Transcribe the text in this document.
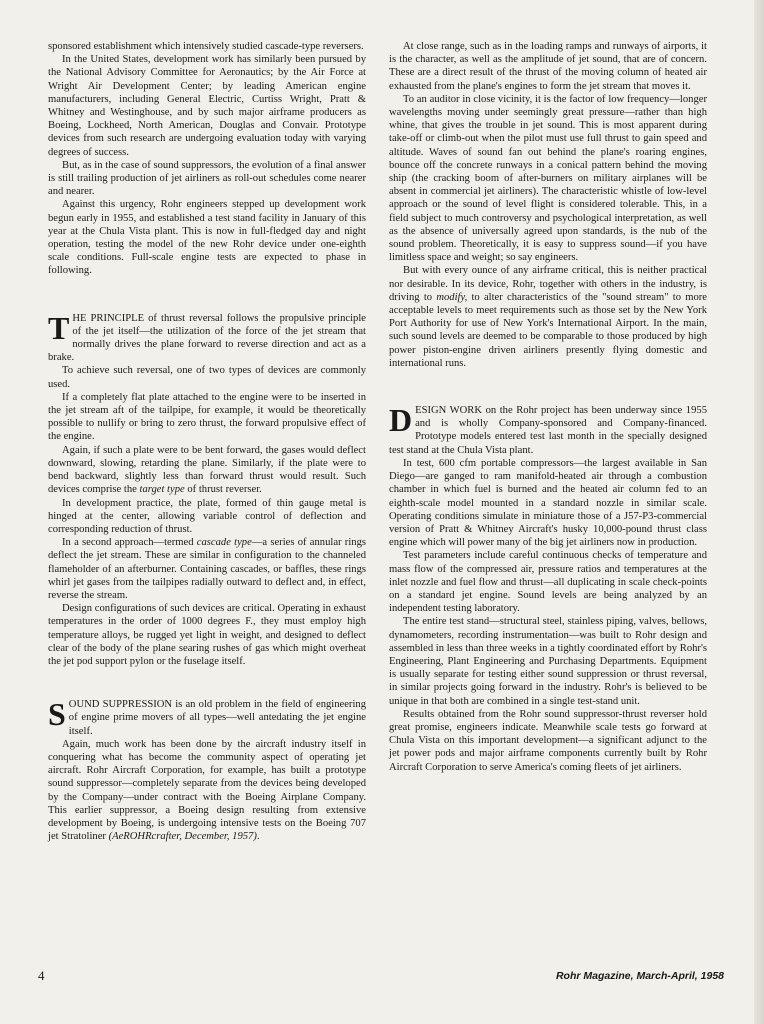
sponsored establishment which intensively studied cascade-type reversers.

In the United States, development work has similarly been pursued by the National Advisory Committee for Aeronautics; by the Air Force at Wright Air Development Center; by leading American engine manufacturers, including General Electric, Curtiss Wright, Pratt & Whitney and Westinghouse, and by such major airframe producers as Boeing, Lockheed, North American, Douglas and Convair. Prototype devices from such research are undergoing evaluation today with varying degrees of success.

But, as in the case of sound suppressors, the evolution of a final answer is still trailing production of jet airliners as roll-out schedules come nearer and nearer.

Against this urgency, Rohr engineers stepped up development work begun early in 1955, and established a test stand facility in January of this year at the Chula Vista plant. This is now in full-fledged day and night operation, testing the model of the new Rohr device under one-eighth scale conditions. Full-scale engine tests are expected to phase in following.

THE PRINCIPLE of thrust reversal follows the propulsive principle of the jet itself—the utilization of the force of the jet stream that normally drives the plane forward to reverse direction and act as a brake.

To achieve such reversal, one of two types of devices are commonly used.

If a completely flat plate attached to the engine were to be inserted in the jet stream aft of the tailpipe, for example, it would be theoretically possible to nullify or bring to zero thrust, the forward propulsive effect of the engine.

Again, if such a plate were to be bent forward, the gases would deflect downward, slowing, retarding the plane. Similarly, if the plate were to bend backward, slightly less than forward thrust would result. Such devices comprise the target type of thrust reverser.

In development practice, the plate, formed of thin gauge metal is hinged at the center, allowing variable control of deflection and corresponding reduction of thrust.

In a second approach—termed cascade type—a series of annular rings deflect the jet stream. These are similar in configuration to the channeled flameholder of an afterburner. Containing cascades, or baffles, these rings whirl jet gases from the tailpipes radially outward to deflect and, in effect, reverse the stream.

Design configurations of such devices are critical. Operating in exhaust temperatures in the order of 1000 degrees F., they must employ high temperature alloys, be rugged yet light in weight, and designed to deflect clear of the body of the plane searing rushes of gas which might overheat the jet pod support pylon or the fuselage itself.

SOUND SUPPRESSION is an old problem in the field of engineering of engine prime movers of all types—well antedating the jet engine itself.

Again, much work has been done by the aircraft industry itself in conquering what has become the community aspect of operating jet aircraft. Rohr Aircraft Corporation, for example, has built a prototype sound suppressor—completely separate from the devices being developed by the Company—under contract with the Boeing Airplane Company. This earlier suppressor, a Boeing design resulting from extensive development by Boeing, is undergoing intensive tests on the Boeing 707 jet Stratoliner (AeROHRcrafter, December, 1957).

At close range, such as in the loading ramps and runways of airports, it is the character, as well as the amplitude of jet sound, that are of concern. These are a direct result of the thrust of the moving column of heated air exhausted from the plane's engines to form the jet stream that moves it.

To an auditor in close vicinity, it is the factor of low frequency—longer wavelengths moving under seemingly great pressure—rather than high whine, that gives the trouble in jet sound. This is most apparent during take-off or climb-out when the pilot must use full thrust to gain speed and altitude. Waves of sound fan out behind the plane's roaring engines, bounce off the concrete runways in a conical pattern behind the moving ship (the cracking boom of after-burners on military airplanes will be absent in commercial jet airliners). The characteristic whistle of low-level approach or the sound of level flight is considered tolerable. This, in a field subject to much controversy and psychological interpretation, as well as the absence of universally agreed upon standards, is the nub of the sound problem. Theoretically, it is easy to suppress sound—if you have limitless space and weight; so say engineers.

But with every ounce of any airframe critical, this is neither practical nor desirable. In its device, Rohr, together with others in the industry, is driving to modify, to alter characteristics of the "sound stream" to more acceptable levels to meet requirements such as those set by the New York Port Authority for use of New York's International Airport. In the main, such sound levels are deemed to be comparable to those produced by high power piston-engine driven airliners presently flying domestic and international runs.

DESIGN WORK on the Rohr project has been underway since 1955 and is wholly Company-sponsored and Company-financed. Prototype models entered test last month in the specially designed test stand at the Chula Vista plant.

In test, 600 cfm portable compressors—the largest available in San Diego—are ganged to ram manifold-heated air through a combustion chamber in which fuel is burned and the heated air column fed to an eighth-scale model mounted in a standard nozzle in similar scale. Operating conditions simulate in miniature those of a J57-P3-commercial version of Pratt & Whitney Aircraft's husky 10,000-pound thrust class engine which will power many of the big jet airliners now in production.

Test parameters include careful continuous checks of temperature and mass flow of the compressed air, pressure ratios and temperatures at the inlet nozzle and fuel flow and thrust—all duplicating in scale check-points on a standard jet engine. Sound levels are being analyzed by an independent testing laboratory.

The entire test stand—structural steel, stainless piping, valves, bellows, dynamometers, recording instrumentation—was built to Rohr design and assembled in less than three weeks in a tightly coordinated effort by Rohr's Engineering, Plant Engineering and Purchasing Departments. Equipment is usually separate for testing either sound suppression or thrust reversal, in similar projects going forward in the industry. Rohr's is believed to be unique in that both are combined in a single test-stand unit.

Results obtained from the Rohr sound suppressor-thrust reverser hold great promise, engineers indicate. Meanwhile scale tests go forward at Chula Vista on this important development—a significant adjunct to the jet power pods and major airframe components currently built by Rohr Aircraft Corporation to serve America's coming fleets of jet airliners.

4	Rohr Magazine, March-April, 1958
